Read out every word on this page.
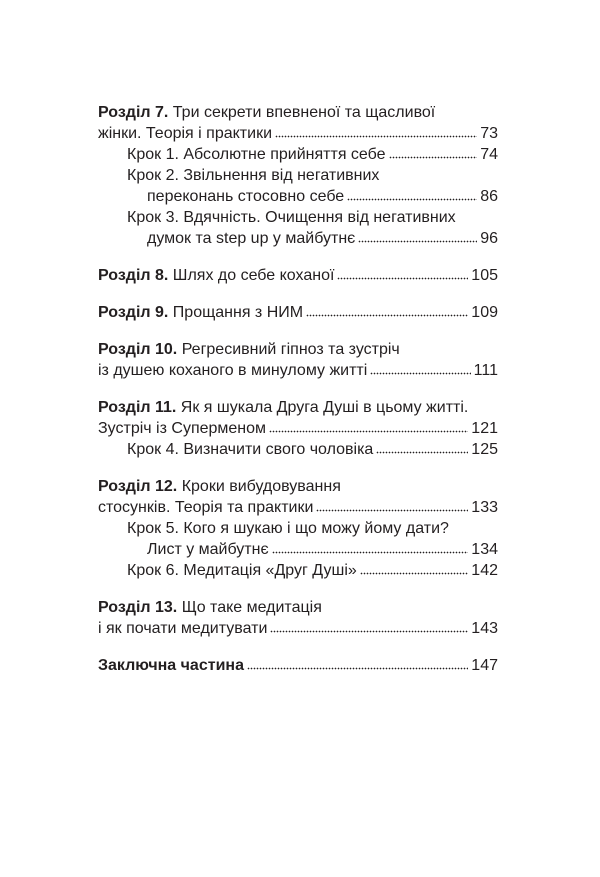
Розділ 7. Три секрети впевненої та щасливої
жінки. Теорія і практики	73
Крок 1. Абсолютне прийняття себе	74
Крок 2. Звільнення від негативних
переконань стосовно себе	86
Крок 3. Вдячність. Очищення від негативних
думок та step up у майбутнє	96
Розділ 8. Шлях до себе коханої	105
Розділ 9. Прощання з НИМ	109
Розділ 10. Регресивний гіпноз та зустріч
із душею коханого в минулому житті	111
Розділ 11. Як я шукала Друга Душі в цьому житті.
Зустріч із Суперменом	121
Крок 4. Визначити свого чоловіка	125
Розділ 12. Кроки вибудовування
стосунків. Теорія та практики	133
Крок 5. Кого я шукаю і що можу йому дати?
Лист у майбутнє	134
Крок 6. Медитація «Друг Душі»	142
Розділ 13. Що таке медитація
і як почати медитувати	143
Заключна частина	147
